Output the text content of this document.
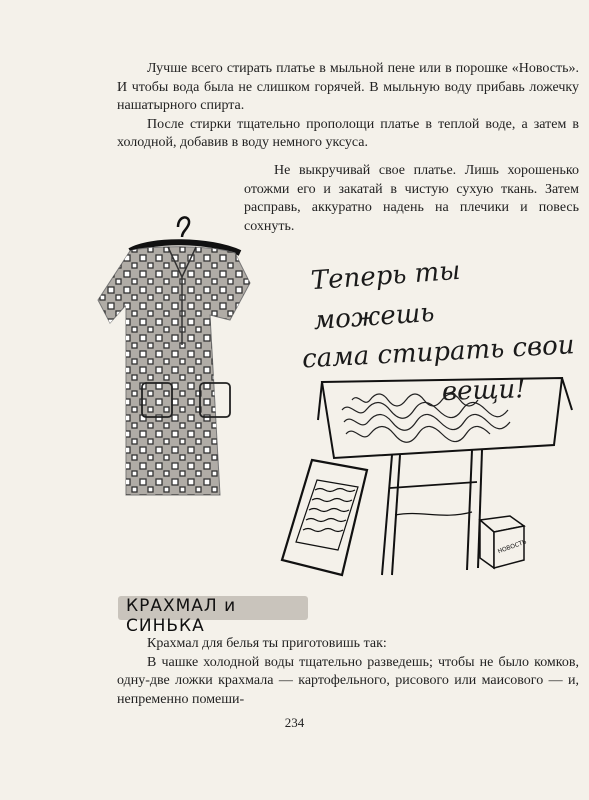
Лучше всего стирать платье в мыльной пене или в порошке «Новость». И чтобы вода была не слишком горячей. В мыльную воду прибавь ложечку нашатырного спирта.

После стирки тщательно прополощи платье в теплой воде, а затем в холодной, добавив в воду немного уксуса.

Не выкручивай свое платье. Лишь хорошенько отожми его и закатай в чистую сухую ткань. Затем расправь, аккуратно надень на плечики и повесь сохнуть.

Теперь ты можешь
сама стирать свои
вещи!
НОВОСТЬ
КРАХМАЛ и СИНЬКА

Крахмал для белья ты приготовишь так:

В чашке холодной воды тщательно разведешь; чтобы не было комков, одну-две ложки крахмала — картофельного, рисового или маисового — и, непременно помеши-

234
